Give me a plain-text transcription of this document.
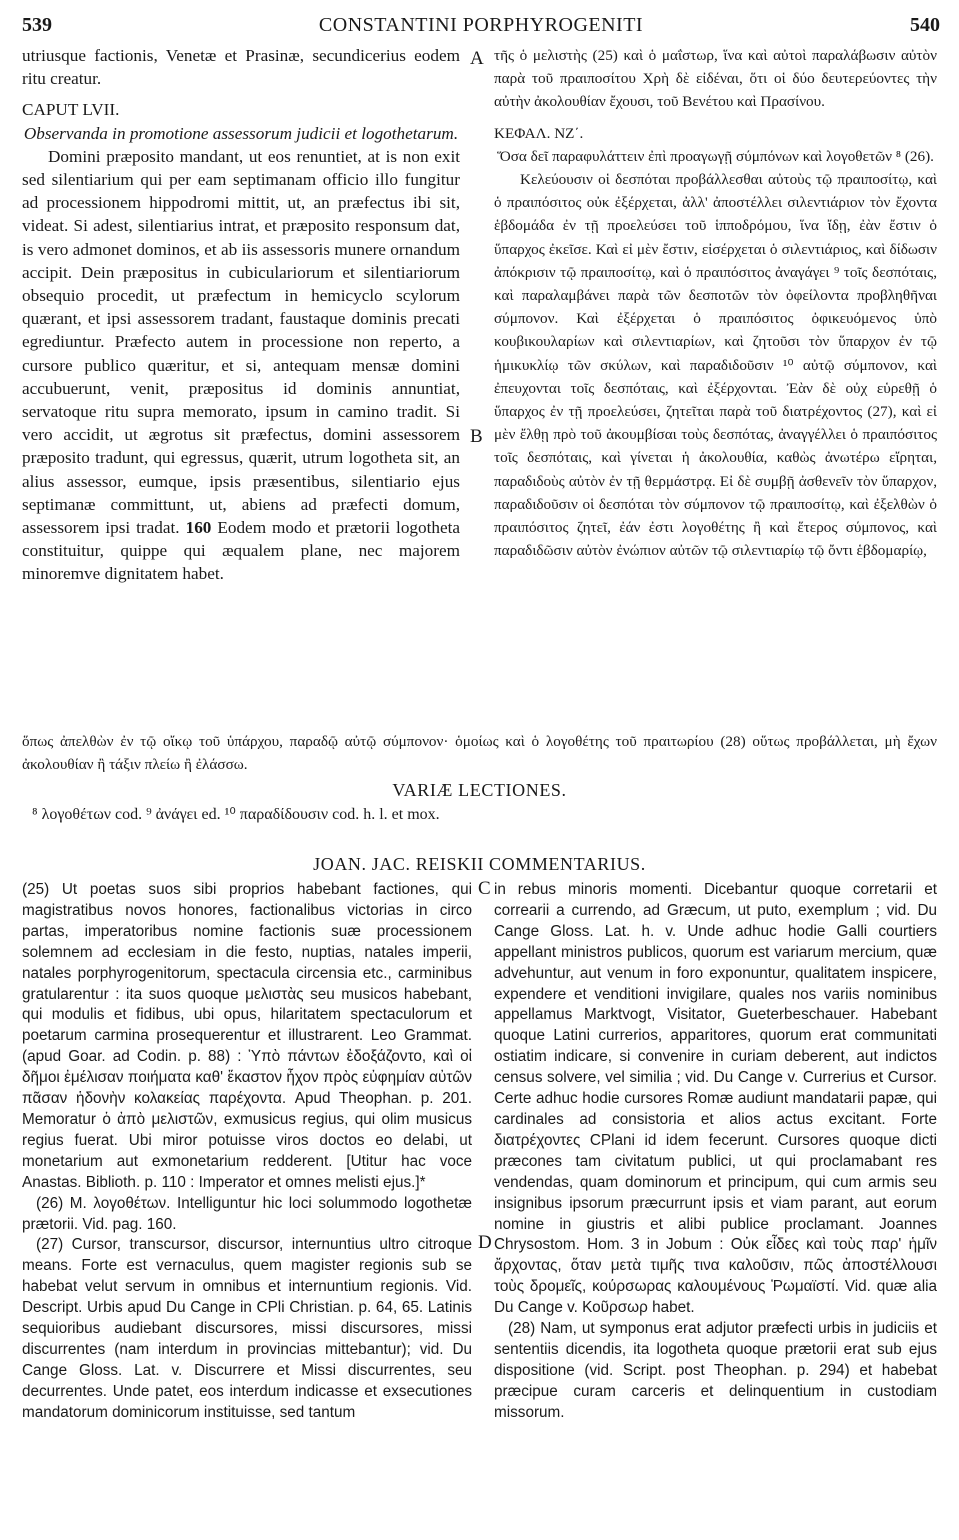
539	CONSTANTINI PORPHYROGENITI	540

utriusque factionis, Venetæ et Prasinæ, secundicerius eodem ritu creatur.

CAPUT LVII.

Observanda in promotione assessorum judicii et logothetarum.

Domini præposito mandant, ut eos renuntiet, at is non exit sed silentiarium qui per eam septimanam officio illo fungitur ad processionem hippodromi mittit, ut, an præfectus ibi sit, videat. Si adest, silentiarius intrat, et præposito responsum dat, is vero admonet dominos, et ab iis assessoris munere ornandum accipit. Dein præpositus in cubiculariorum et silentiariorum obsequio procedit, ut præfectum in hemicyclo scylorum quærant, et ipsi assessorem tradant, faustaque dominis precati egrediuntur. Præfecto autem in processione non reperto, a cursore publico quæritur, et si, antequam mensæ domini accubuerunt, venit, præpositus id dominis annuntiat, servatoque ritu supra memorato, ipsum in camino tradit. Si vero accidit, ut ægrotus sit præfectus, domini assessorem præposito tradunt, qui egressus, quærit, utrum logotheta sit, an alius assessor, eumque, ipsis præsentibus, silentiario ejus septimanæ committunt, ut, abiens ad præfecti domum, assessorem ipsi tradat. 160 Eodem modo et prætorii logotheta constituitur, quippe qui æqualem plane, nec majorem minoremve dignitatem habet.

A
B

τῆς ὁ μελιστὴς (25) καὶ ὁ μαΐστωρ, ἵνα καὶ αὐτοὶ παραλάβωσιν αὐτὸν παρὰ τοῦ πραιποσίτου Χρὴ δὲ εἰδέναι, ὅτι οἱ δύο δευτερεύοντες τὴν αὐτὴν ἀκολουθίαν ἔχουσι, τοῦ Βενέτου καὶ Πρασίνου.

ΚΕΦΑΛ. ΝΖ΄.

Ὅσα δεῖ παραφυλάττειν ἐπὶ προαγωγῇ σύμπόνων καὶ λογοθετῶν ⁸ (26).

Κελεύουσιν οἱ δεσπόται προβάλλεσθαι αὐτοὺς τῷ πραιποσίτῳ, καὶ ὁ πραιπόσιτος οὐκ ἐξέρχεται, ἀλλ' ἀποστέλλει σιλεντιάριον τὸν ἔχοντα ἑβδομάδα ἐν τῇ προελεύσει τοῦ ἱπποδρόμου, ἵνα ἴδῃ, ἐὰν ἔστιν ὁ ὕπαρχος ἐκεῖσε. Καὶ εἰ μὲν ἔστιν, εἰσέρχεται ὁ σιλεντιάριος, καὶ δίδωσιν ἀπόκρισιν τῷ πραιποσίτῳ, καὶ ὁ πραιπόσιτος ἀναγάγει ⁹ τοῖς δεσπόταις, καὶ παραλαμβάνει παρὰ τῶν δεσποτῶν τὸν ὀφείλοντα προβληθῆναι σύμπονον. Καὶ ἐξέρχεται ὁ πραιπόσιτος ὀφικευόμενος ὑπὸ κουβικουλαρίων καὶ σιλεντιαρίων, καὶ ζητοῦσι τὸν ὕπαρχον ἐν τῷ ἡμικυκλίῳ τῶν σκύλων, καὶ παραδιδοῦσιν ¹⁰ αὐτῷ σύμπονον, καὶ ἐπευχονται τοῖς δεσπόταις, καὶ ἐξέρχονται. Ἐὰν δὲ οὐχ εὑρεθῇ ὁ ὕπαρχος ἐν τῇ προελεύσει, ζητεῖται παρὰ τοῦ διατρέχοντος (27), καὶ εἰ μὲν ἔλθῃ πρὸ τοῦ ἀκουμβίσαι τοὺς δεσπότας, ἀναγγέλλει ὁ πραιπόσιτος τοῖς δεσπόταις, καὶ γίνεται ἡ ἀκολουθία, καθὼς ἀνωτέρω εἴρηται, παραδιδοὺς αὐτὸν ἐν τῇ θερμάστρᾳ. Εἰ δὲ συμβῇ ἀσθενεῖν τὸν ὕπαρχον, παραδιδοῦσιν οἱ δεσπόται τὸν σύμπονον τῷ πραιποσίτῳ, καὶ ἐξελθὼν ὁ πραιπόσιτος ζητεῖ, ἐάν ἐστι λογοθέτης ἢ καὶ ἕτερος σύμπονος, καὶ παραδιδῶσιν αὐτὸν ἐνώπιον αὐτῶν τῷ σιλεντιαρίῳ τῷ ὄντι ἑβδομαρίῳ,

ὅπως ἀπελθὼν ἐν τῷ οἴκῳ τοῦ ὑπάρχου, παραδῷ αὐτῷ σύμπονον· ὁμοίως καὶ ὁ λογοθέτης τοῦ πραιτωρίου (28) οὕτως προβάλλεται, μὴ ἔχων ἀκολουθίαν ἢ τάξιν πλείω ἢ ἐλάσσω.

VARIÆ LECTIONES.
⁸ λογοθέτων cod. ⁹ ἀνάγει ed. ¹⁰ παραδίδουσιν cod. h. l. et mox.
JOAN. JAC. REISKII COMMENTARIUS.
C
D

(25) Ut poetas suos sibi proprios habebant factiones, qui magistratibus novos honores, factionalibus victorias in circo partas, imperatoribus nomine factionis suæ processionem solemnem ad ecclesiam in die festo, nuptias, natales imperii, natales porphyrogenitorum, spectacula circensia etc., carminibus gratularentur : ita suos quoque μελιστὰς seu musicos habebant, qui modulis et fidibus, ubi opus, hilaritatem spectaculorum et poetarum carmina prosequerentur et illustrarent. Leo Grammat. (apud Goar. ad Codin. p. 88) : Ὑπὸ πάντων ἐδοξάζοντο, καὶ οἱ δῆμοι ἐμέλισαν ποιήματα καθ' ἕκαστον ἦχον πρὸς εὐφημίαν αὐτῶν πᾶσαν ἡδονὴν κολακείας παρέχοντα. Apud Theophan. p. 201. Memoratur ὁ ἀπὸ μελιστῶν, exmusicus regius, qui olim musicus regius fuerat. Ubi miror potuisse viros doctos eo delabi, ut monetarium aut exmonetarium redderent. [Utitur hac voce Anastas. Biblioth. p. 110 : Imperator et omnes melisti ejus.]*

(26) M. λογοθέτων. Intelliguntur hic loci solummodo logothetæ prætorii. Vid. pag. 160.

(27) Cursor, transcursor, discursor, internuntius ultro citroque means. Forte est vernaculus, quem magister regionis sub se habebat velut servum in omnibus et internuntium regionis. Vid. Descript. Urbis apud Du Cange in CPli Christian. p. 64, 65. Latinis sequioribus audiebant discursores, missi discursores, missi discurrentes (nam interdum in provincias mittebantur); vid. Du Cange Gloss. Lat. v. Discurrere et Missi discurrentes, seu decurrentes. Unde patet, eos interdum indicasse et exsecutiones mandatorum dominicorum instituisse, sed tantum

in rebus minoris momenti. Dicebantur quoque corretarii et correarii a currendo, ad Græcum, ut puto, exemplum ; vid. Du Cange Gloss. Lat. h. v. Unde adhuc hodie Galli courtiers appellant ministros publicos, quorum est variarum mercium, quæ advehuntur, aut venum in foro exponuntur, qualitatem inspicere, expendere et venditioni invigilare, quales nos variis nominibus appellamus Marktvogt, Visitator, Gueterbeschauer. Habebant quoque Latini currerios, apparitores, quorum erat communitati ostiatim indicare, si convenire in curiam deberent, aut indictos census solvere, vel similia ; vid. Du Cange v. Currerius et Cursor. Certe adhuc hodie cursores Romæ audiunt mandatarii papæ, qui cardinales ad consistoria et alios actus excitant. Forte διατρέχοντες CPlani id idem fecerunt. Cursores quoque dicti præcones tam civitatum publici, ut qui proclamabant res vendendas, quam dominorum et principum, qui cum armis seu insignibus ipsorum præcurrunt ipsis et viam parant, aut eorum nomine in giustris et alibi publice proclamant. Joannes Chrysostom. Hom. 3 in Jobum : Οὐκ εἶδες καὶ τοὺς παρ' ἡμῖν ἄρχοντας, ὅταν μετὰ τιμῆς τινα καλοῦσιν, πῶς ἀποστέλλουσι τοὺς δρομεῖς, κούρσωρας καλουμένους Ῥωμαϊστί. Vid. quæ alia Du Cange v. Κοῦρσωρ habet.

(28) Nam, ut symponus erat adjutor præfecti urbis in judiciis et sententiis dicendis, ita logotheta quoque prætorii erat sub ejus dispositione (vid. Script. post Theophan. p. 294) et habebat præcipue curam carceris et delinquentium in custodiam missorum.
